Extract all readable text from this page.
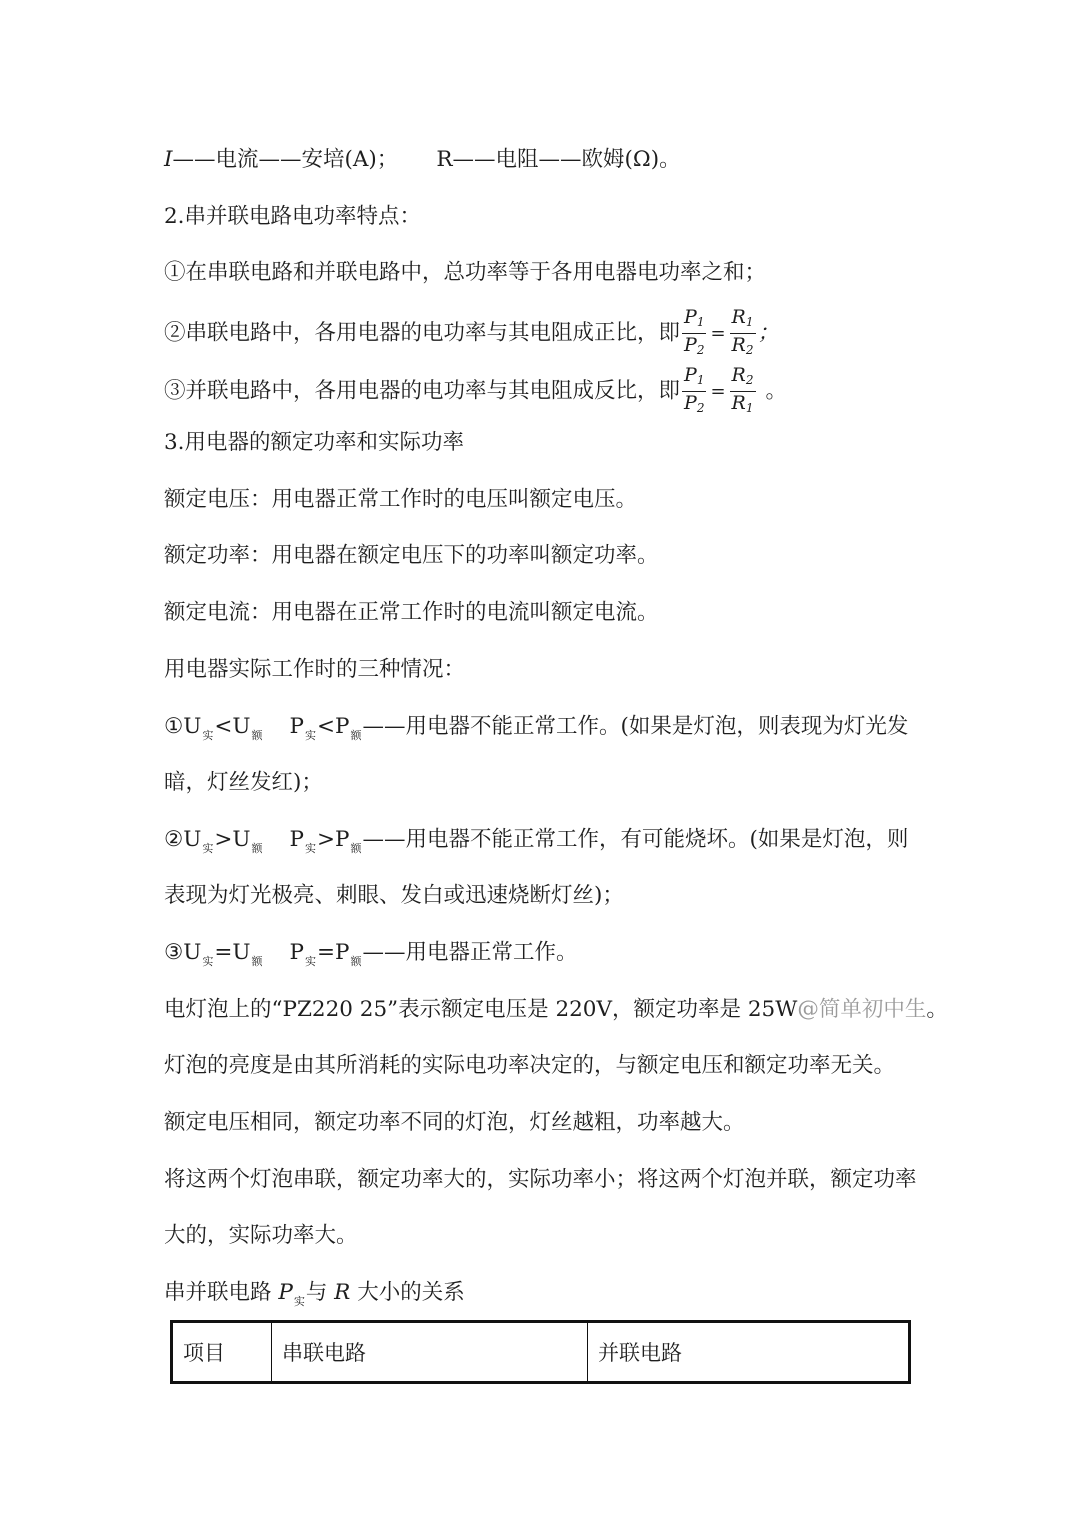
I——电流——安培(A)； R——电阻——欧姆(Ω)。
2.串并联电路电功率特点：
①在串联电路和并联电路中，总功率等于各用电器电功率之和；
②串联电路中，各用电器的电功率与其电阻成正比，即 $\frac{P_1}{P_2} = \frac{R_1}{R_2}$ ；
③并联电路中，各用电器的电功率与其电阻成反比，即 $\frac{P_1}{P_2} = \frac{R_2}{R_1}$ 。
3.用电器的额定功率和实际功率
额定电压：用电器正常工作时的电压叫额定电压。
额定功率：用电器在额定电压下的功率叫额定功率。
额定电流：用电器在正常工作时的电流叫额定电流。
用电器实际工作时的三种情况：
$①U_实<U_额$ $P_实<P_额——$用电器不能正常工作。(如果是灯泡，则表现为灯光发
暗，灯丝发红)；
$②U_实>U_额$ $P_实>P_额——$用电器不能正常工作，有可能烧坏。(如果是灯泡，则
表现为灯光极亮、刺眼、发白或迅速烧断灯丝)；
$③U_实=U_额$ $P_实=P_额——$用电器正常工作。
电灯泡上的“PZ220 25”表示额定电压是 220V，额定功率是 25W@简单初中生。
灯泡的亮度是由其所消耗的实际电功率决定的，与额定电压和额定功率无关。
额定电压相同，额定功率不同的灯泡，灯丝越粗，功率越大。
将这两个灯泡串联，额定功率大的，实际功率小；将这两个灯泡并联，额定功率
大的，实际功率大。
串并联电路 $P_实$与 R 大小的关系
项目	串联电路	并联电路
